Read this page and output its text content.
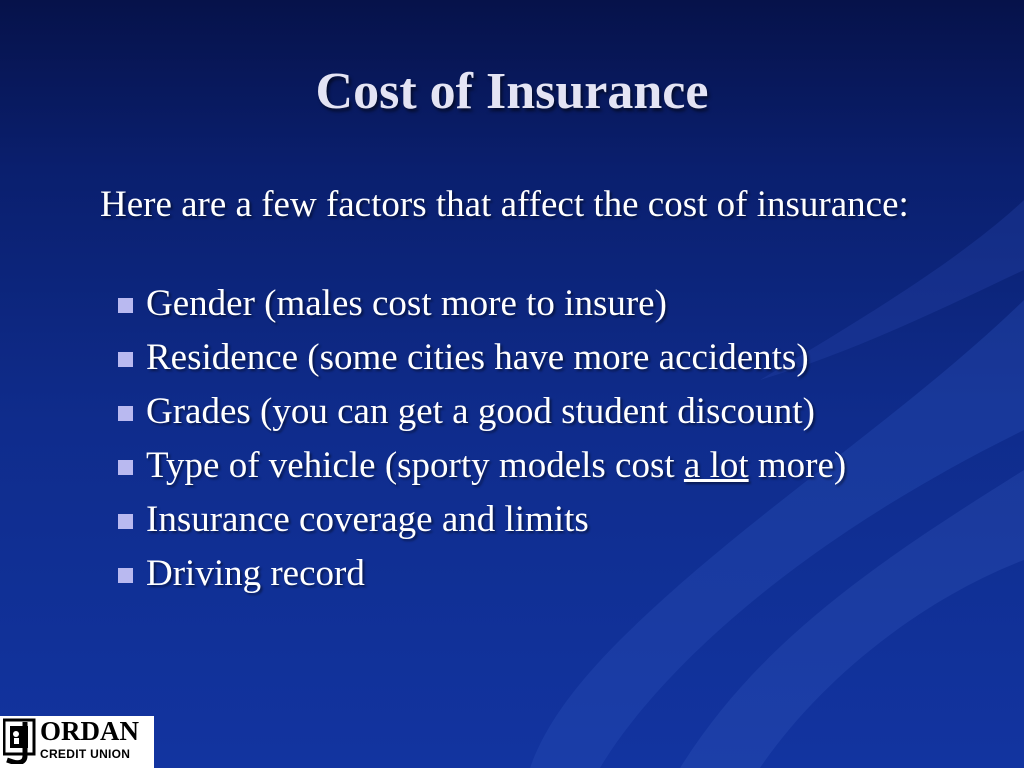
Cost of Insurance
Here are a few factors that affect the cost of insurance:
Gender (males cost more to insure)
Residence (some cities have more accidents)
Grades (you can get a good student discount)
Type of vehicle (sporty models cost a lot more)
Insurance coverage and limits
Driving record
ORDAN
CREDIT UNION
